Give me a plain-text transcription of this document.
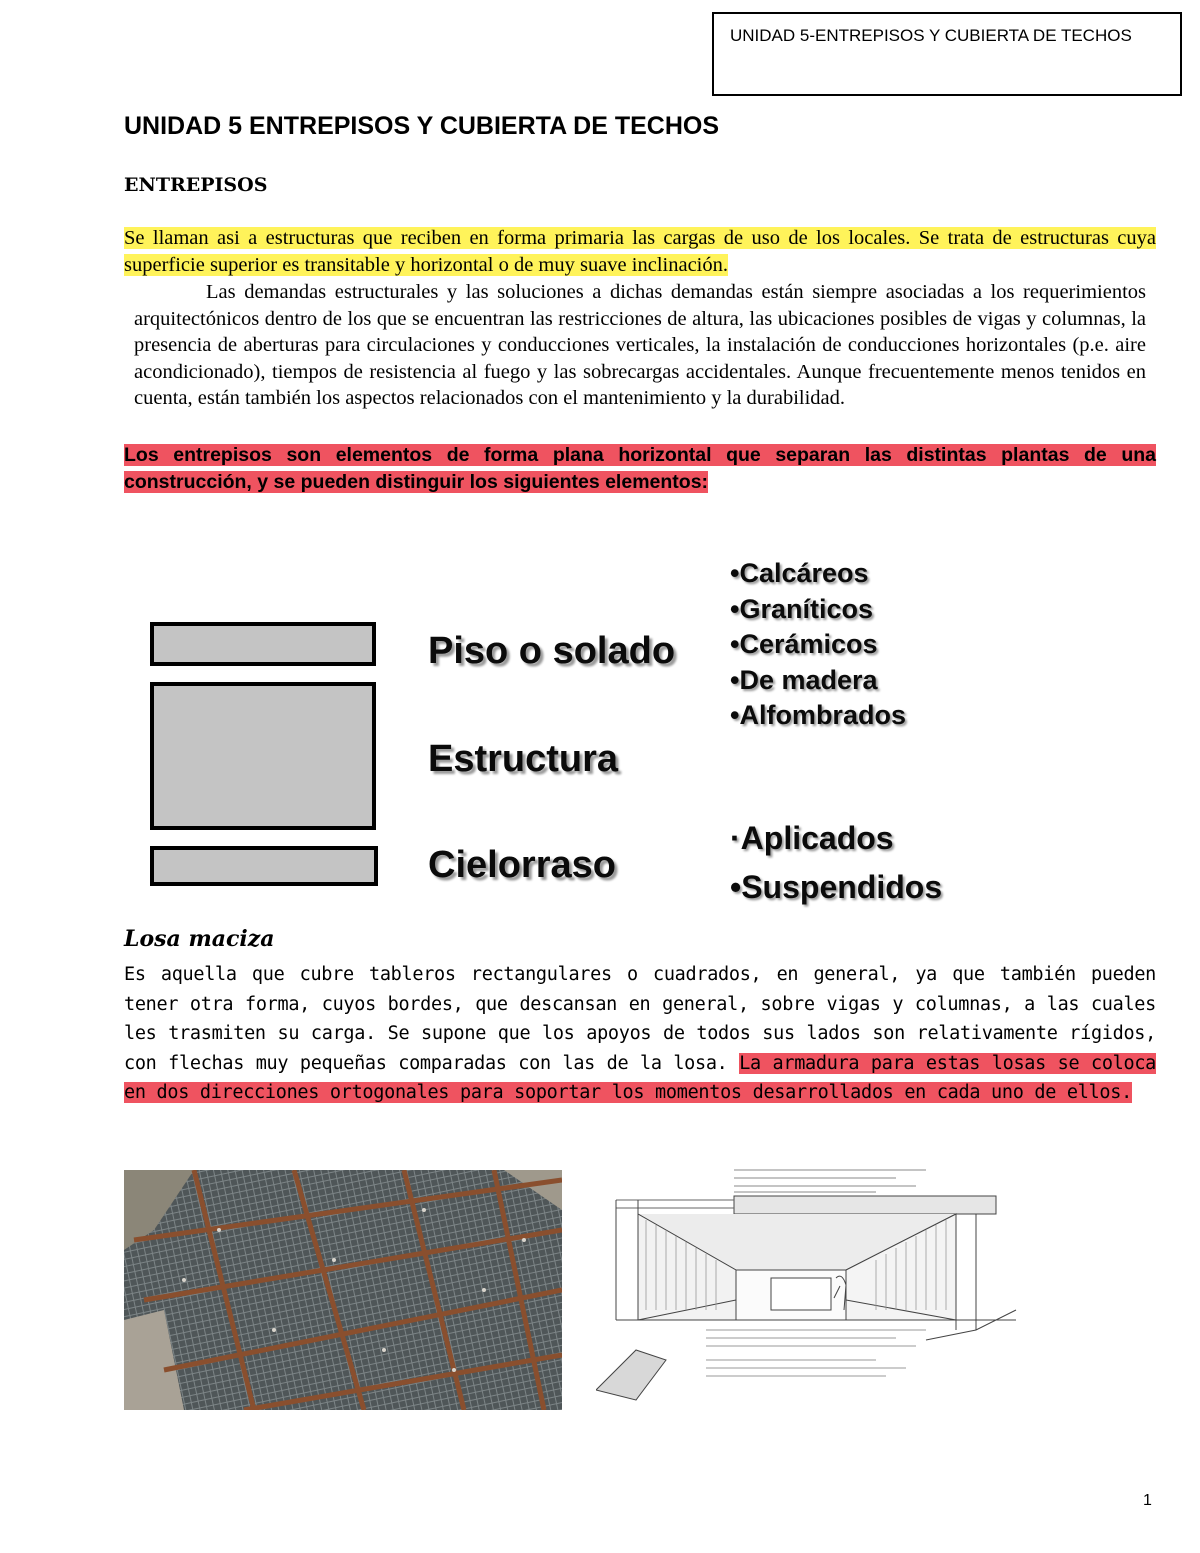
UNIDAD 5-ENTREPISOS Y CUBIERTA DE TECHOS
UNIDAD 5 ENTREPISOS Y CUBIERTA DE TECHOS
ENTREPISOS
Se llaman asi a estructuras que reciben en forma primaria las cargas de uso de los locales. Se trata de estructuras cuya superficie superior es transitable y horizontal o de muy suave inclinación.
Las demandas estructurales y las soluciones a dichas demandas están siempre asociadas a los requerimientos arquitectónicos dentro de los que se encuentran las restricciones de altura, las ubicaciones posibles de vigas y columnas, la presencia de aberturas para circulaciones y conducciones verticales, la instalación de conducciones horizontales (p.e. aire acondicionado), tiempos de resistencia al fuego y las sobrecargas accidentales. Aunque frecuentemente menos tenidos en cuenta, están también los aspectos relacionados con el mantenimiento y la durabilidad.
Los entrepisos son elementos de forma plana horizontal que separan las distintas plantas de una construcción, y se pueden distinguir los siguientes elementos:
Piso o solado
Estructura
Cielorraso
• Calcáreos
• Graníticos
• Cerámicos
• De madera
• Alfombrados
· Aplicados
• Suspendidos
Losa maciza
Es aquella que cubre tableros rectangulares o cuadrados, en general, ya que también pueden tener otra forma, cuyos bordes, que descansan en general, sobre vigas y columnas, a las cuales les trasmiten su carga. Se supone que los apoyos de todos sus lados son relativamente rígidos, con flechas muy pequeñas comparadas con las de la losa. La armadura para estas losas se coloca en dos direcciones ortogonales para soportar los momentos desarrollados en cada uno de ellos.
1
